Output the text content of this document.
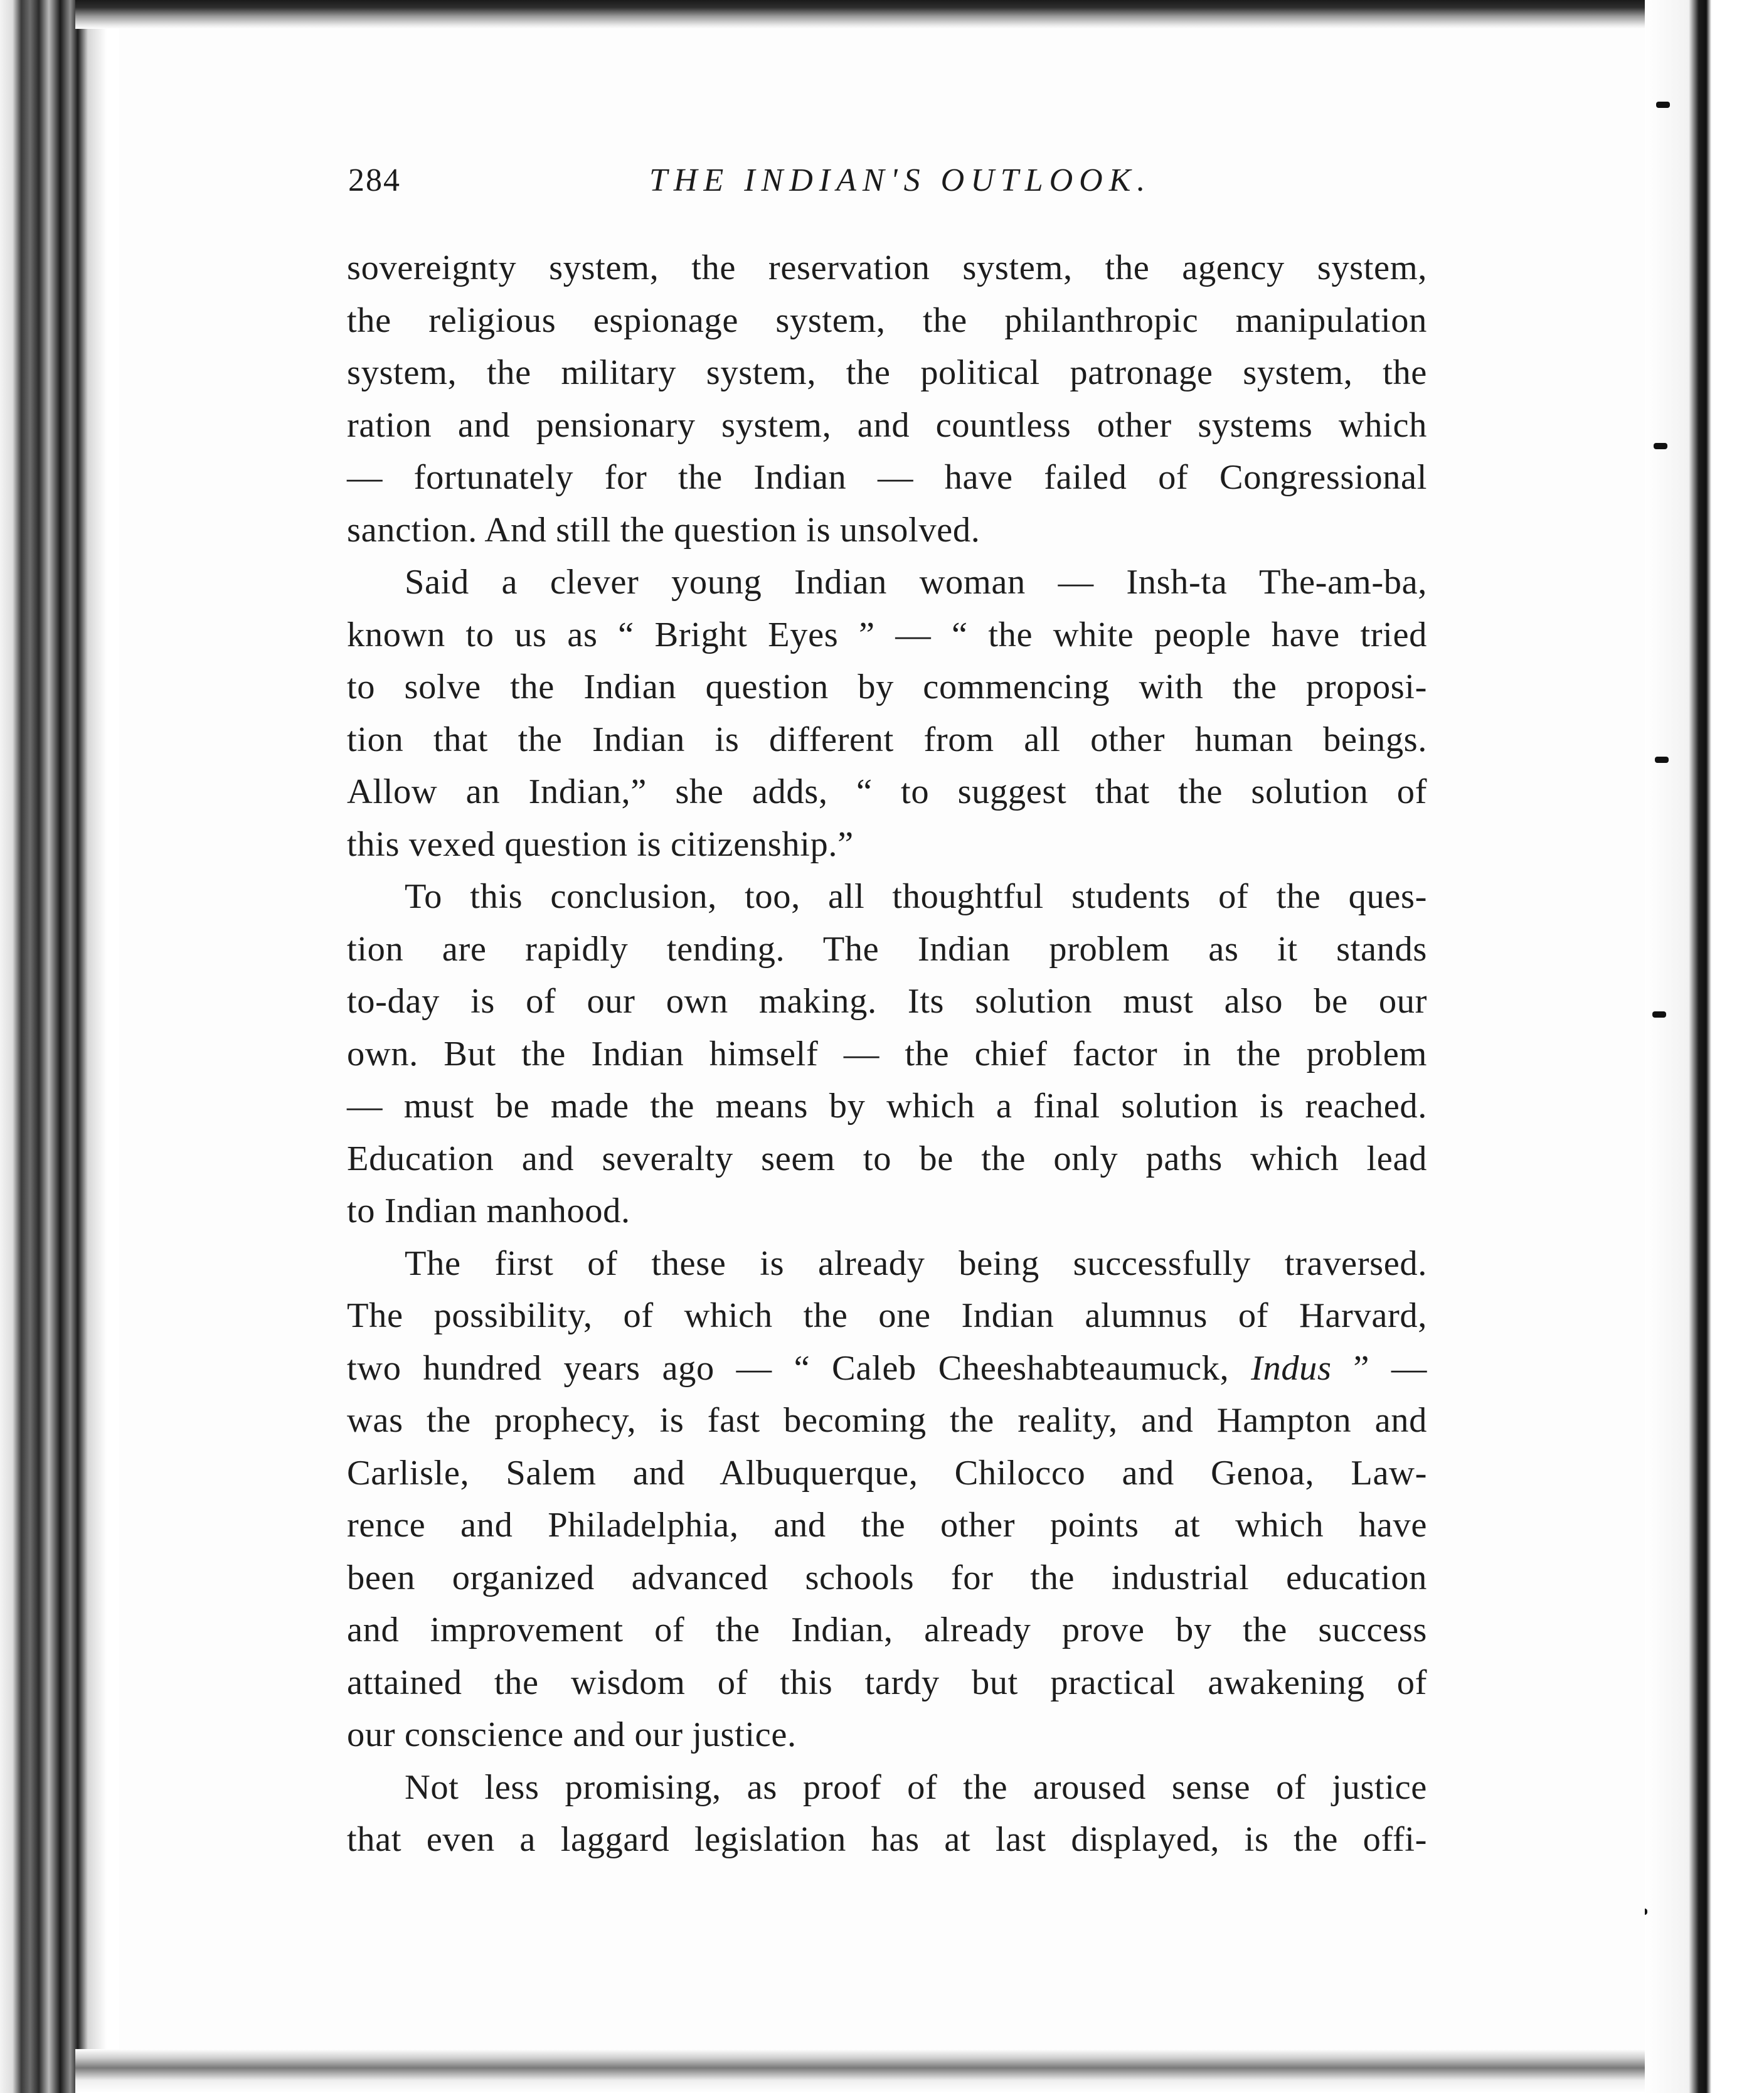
284	THE INDIAN'S OUTLOOK.
sovereignty system, the reservation system, the agency system,
the religious espionage system, the philanthropic manipulation
system, the military system, the political patronage system, the
ration and pensionary system, and countless other systems which
— fortunately for the Indian — have failed of Congressional
sanction. And still the question is unsolved.
Said a clever young Indian woman — Insh-ta The-am-ba,
known to us as “ Bright Eyes ” — “ the white people have tried
to solve the Indian question by commencing with the proposi-
tion that the Indian is different from all other human beings.
Allow an Indian,” she adds, “ to suggest that the solution of
this vexed question is citizenship.”
To this conclusion, too, all thoughtful students of the ques-
tion are rapidly tending. The Indian problem as it stands
to-day is of our own making. Its solution must also be our
own. But the Indian himself — the chief factor in the problem
— must be made the means by which a final solution is reached.
Education and severalty seem to be the only paths which lead
to Indian manhood.
The first of these is already being successfully traversed.
The possibility, of which the one Indian alumnus of Harvard,
two hundred years ago — “ Caleb Cheeshabteaumuck, Indus ” —
was the prophecy, is fast becoming the reality, and Hampton and
Carlisle, Salem and Albuquerque, Chilocco and Genoa, Law-
rence and Philadelphia, and the other points at which have
been organized advanced schools for the industrial education
and improvement of the Indian, already prove by the success
attained the wisdom of this tardy but practical awakening of
our conscience and our justice.
Not less promising, as proof of the aroused sense of justice
that even a laggard legislation has at last displayed, is the offi-
